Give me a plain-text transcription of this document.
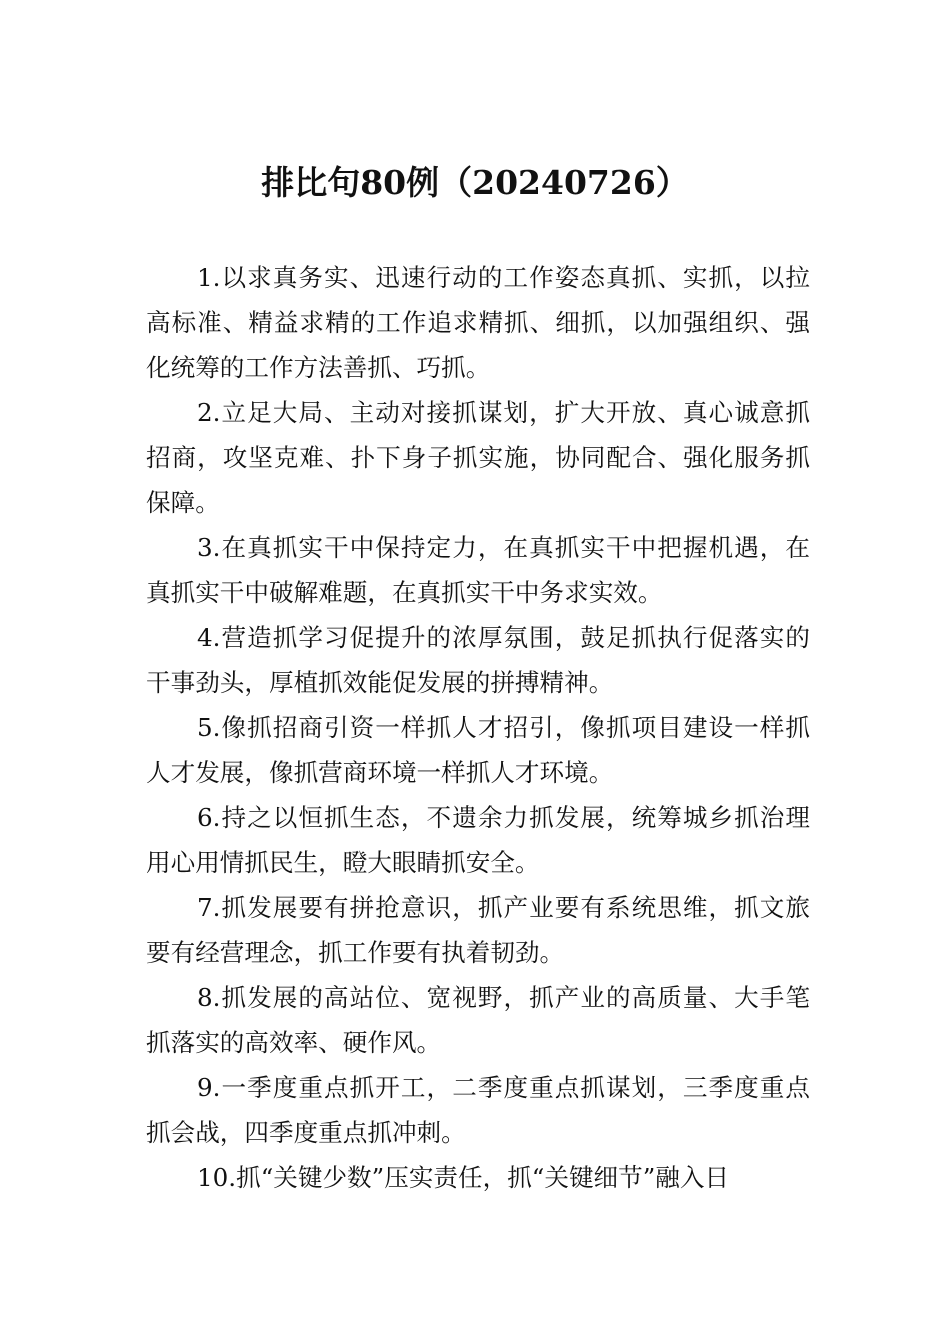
排比句80例（20240726）

1.以求真务实、迅速行动的工作姿态真抓、实抓，以拉高标准、精益求精的工作追求精抓、细抓，以加强组织、强化统筹的工作方法善抓、巧抓。

2.立足大局、主动对接抓谋划，扩大开放、真心诚意抓招商，攻坚克难、扑下身子抓实施，协同配合、强化服务抓保障。

3.在真抓实干中保持定力，在真抓实干中把握机遇，在真抓实干中破解难题，在真抓实干中务求实效。

4.营造抓学习促提升的浓厚氛围，鼓足抓执行促落实的干事劲头，厚植抓效能促发展的拼搏精神。

5.像抓招商引资一样抓人才招引，像抓项目建设一样抓人才发展，像抓营商环境一样抓人才环境。

6.持之以恒抓生态，不遗余力抓发展，统筹城乡抓治理用心用情抓民生，瞪大眼睛抓安全。

7.抓发展要有拼抢意识，抓产业要有系统思维，抓文旅要有经营理念，抓工作要有执着韧劲。

8.抓发展的高站位、宽视野，抓产业的高质量、大手笔抓落实的高效率、硬作风。

9.一季度重点抓开工，二季度重点抓谋划，三季度重点抓会战，四季度重点抓冲刺。

10.抓“关键少数”压实责任，抓“关键细节”融入日
